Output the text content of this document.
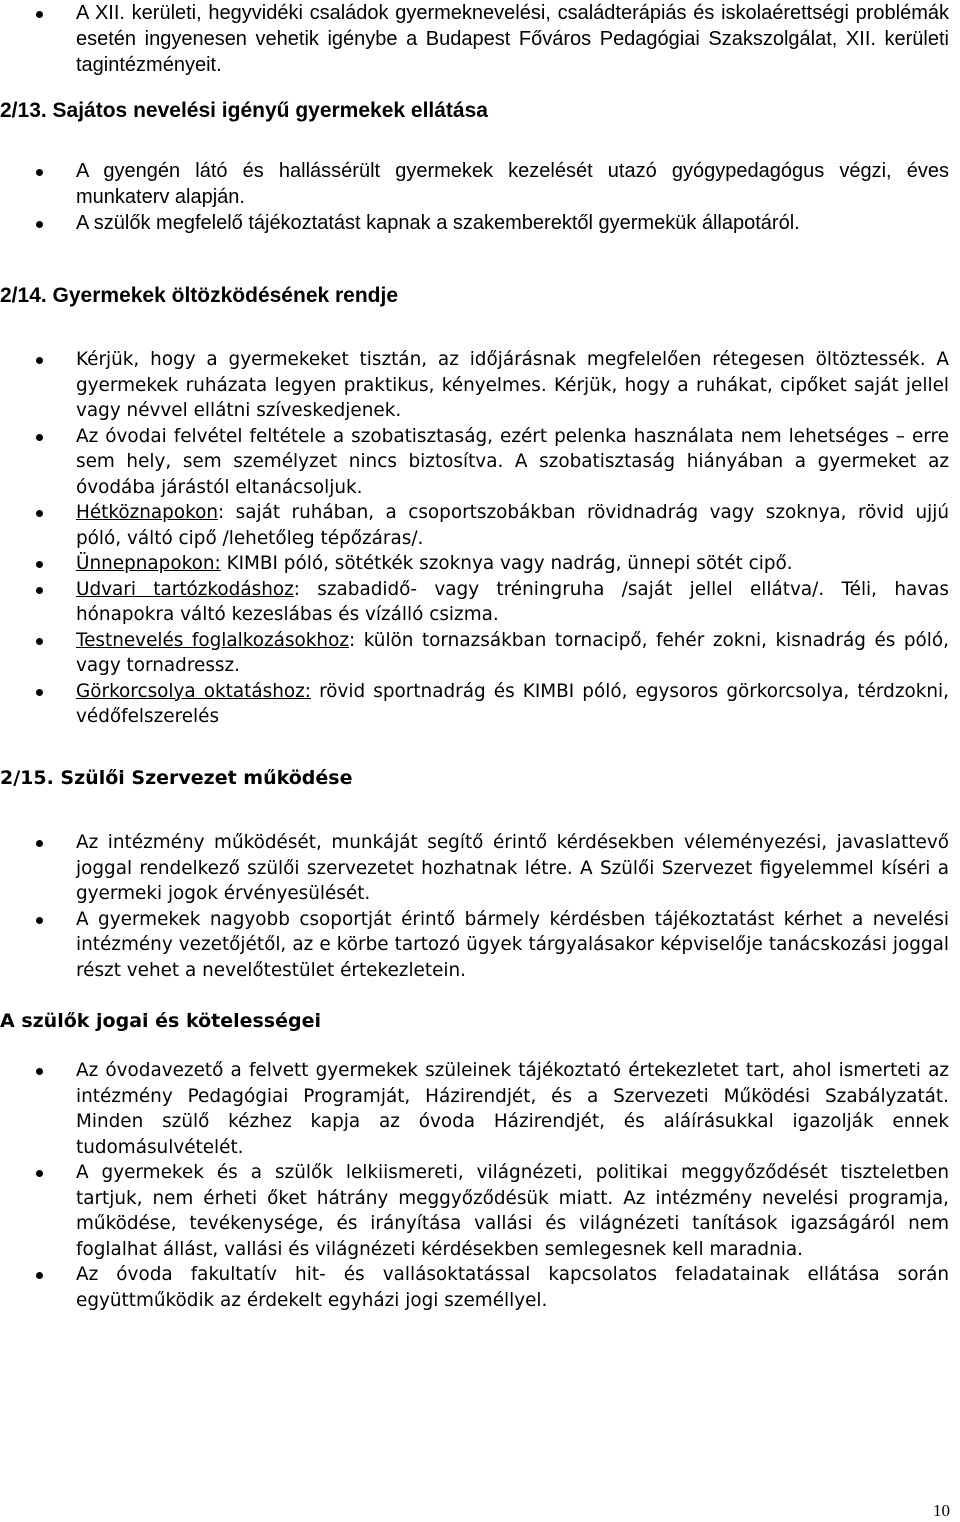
A XII. kerületi, hegyvidéki családok gyermeknevelési, családterápiás és iskolaérettségi problémák esetén ingyenesen vehetik igénybe a Budapest Főváros Pedagógiai Szakszolgálat, XII. kerületi tagintézményeit.
2/13. Sajátos nevelési igényű gyermekek ellátása
A gyengén látó és hallássérült gyermekek kezelését utazó gyógypedagógus végzi, éves munkaterv alapján.
A szülők megfelelő tájékoztatást kapnak a szakemberektől gyermekük állapotáról.
2/14. Gyermekek öltözködésének rendje
Kérjük, hogy a gyermekeket tisztán, az időjárásnak megfelelően rétegesen öltöztessék. A gyermekek ruházata legyen praktikus, kényelmes. Kérjük, hogy a ruhákat, cipőket saját jellel vagy névvel ellátni szíveskedjenek.
Az óvodai felvétel feltétele a szobatisztaság, ezért pelenka használata nem lehetséges – erre sem hely, sem személyzet nincs biztosítva. A szobatisztaság hiányában a gyermeket az óvodába járástól eltanácsoljuk.
Hétköznapokon: saját ruhában, a csoportszobákban rövidnadrág vagy szoknya, rövid ujjú póló, váltó cipő /lehetőleg tépőzáras/.
Ünnepnapokon: KIMBI póló, sötétkék szoknya vagy nadrág, ünnepi sötét cipő.
Udvari tartózkodáshoz: szabadidő- vagy tréningruha /saját jellel ellátva/. Téli, havas hónapokra váltó kezeslábas és vízálló csizma.
Testnevelés foglalkozásokhoz: külön tornazsákban tornacipő, fehér zokni, kisnadrág és póló, vagy tornadressz.
Görkorcsolya oktatáshoz: rövid sportnadrág és KIMBI póló, egysoros görkorcsolya, térdzokni, védőfelszerelés
2/15. Szülői Szervezet működése
Az intézmény működését, munkáját segítő érintő kérdésekben véleményezési, javaslattevő joggal rendelkező szülői szervezetet hozhatnak létre. A Szülői Szervezet figyelemmel kíséri a gyermeki jogok érvényesülését.
A gyermekek nagyobb csoportját érintő bármely kérdésben tájékoztatást kérhet a nevelési intézmény vezetőjétől, az e körbe tartozó ügyek tárgyalásakor képviselője tanácskozási joggal részt vehet a nevelőtestület értekezletein.
A szülők jogai és kötelességei
Az óvodavezető a felvett gyermekek szüleinek tájékoztató értekezletet tart, ahol ismerteti az intézmény Pedagógiai Programját, Házirendjét, és a Szervezeti Működési Szabályzatát. Minden szülő kézhez kapja az óvoda Házirendjét, és aláírásukkal igazolják ennek tudomásulvételét.
A gyermekek és a szülők lelkiismereti, világnézeti, politikai meggyőződését tiszteletben tartjuk, nem érheti őket hátrány meggyőződésük miatt. Az intézmény nevelési programja, működése, tevékenysége, és irányítása vallási és világnézeti tanítások igazságáról nem foglalhat állást, vallási és világnézeti kérdésekben semlegesnek kell maradnia.
Az óvoda fakultatív hit- és vallásoktatással kapcsolatos feladatainak ellátása során együttműködik az érdekelt egyházi jogi személlyel.
10
